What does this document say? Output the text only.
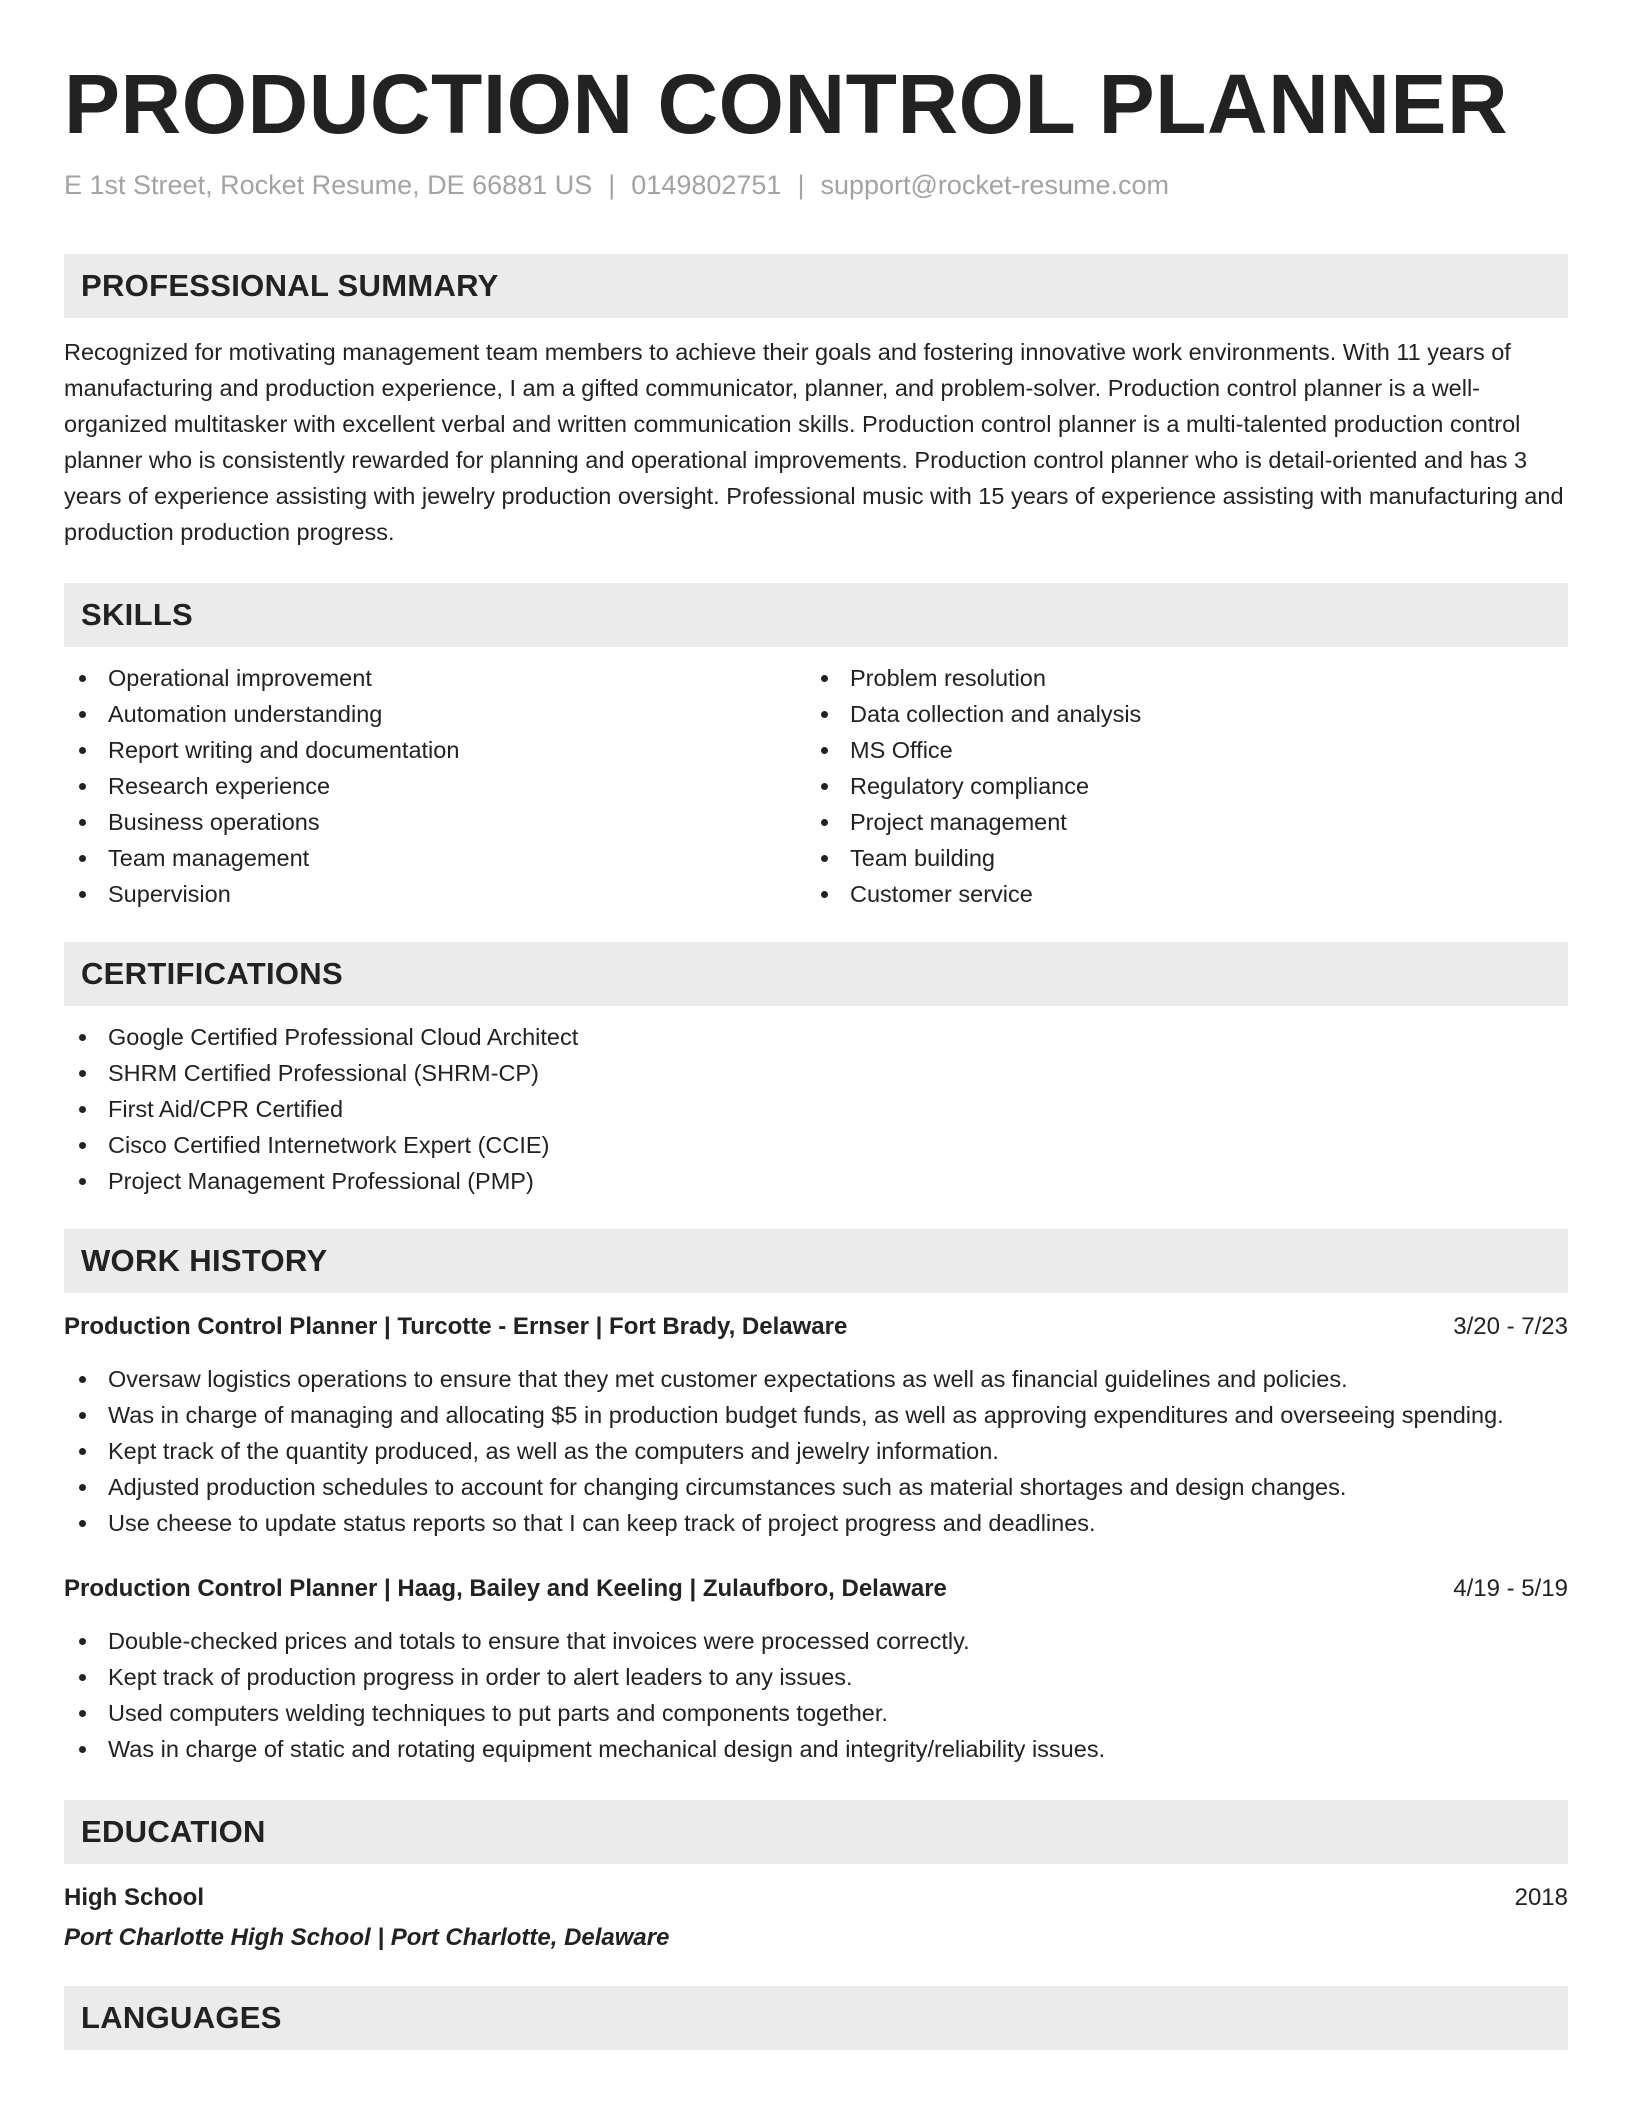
PRODUCTION CONTROL PLANNER
E 1st Street, Rocket Resume, DE 66881 US | 0149802751 | support@rocket-resume.com
PROFESSIONAL SUMMARY

Recognized for motivating management team members to achieve their goals and fostering innovative work environments. With 11 years of manufacturing and production experience, I am a gifted communicator, planner, and problem-solver. Production control planner is a well-organized multitasker with excellent verbal and written communication skills. Production control planner is a multi-talented production control planner who is consistently rewarded for planning and operational improvements. Production control planner who is detail-oriented and has 3 years of experience assisting with jewelry production oversight. Professional music with 15 years of experience assisting with manufacturing and production production progress.

SKILLS
Operational improvement
Automation understanding
Report writing and documentation
Research experience
Business operations
Team management
Supervision
Problem resolution
Data collection and analysis
MS Office
Regulatory compliance
Project management
Team building
Customer service
CERTIFICATIONS
Google Certified Professional Cloud Architect
SHRM Certified Professional (SHRM-CP)
First Aid/CPR Certified
Cisco Certified Internetwork Expert (CCIE)
Project Management Professional (PMP)
WORK HISTORY
Production Control Planner | Turcotte - Ernser | Fort Brady, Delaware	3/20 - 7/23
Oversaw logistics operations to ensure that they met customer expectations as well as financial guidelines and policies.
Was in charge of managing and allocating $5 in production budget funds, as well as approving expenditures and overseeing spending.
Kept track of the quantity produced, as well as the computers and jewelry information.
Adjusted production schedules to account for changing circumstances such as material shortages and design changes.
Use cheese to update status reports so that I can keep track of project progress and deadlines.
Production Control Planner | Haag, Bailey and Keeling | Zulaufboro, Delaware	4/19 - 5/19
Double-checked prices and totals to ensure that invoices were processed correctly.
Kept track of production progress in order to alert leaders to any issues.
Used computers welding techniques to put parts and components together.
Was in charge of static and rotating equipment mechanical design and integrity/reliability issues.
EDUCATION
High School	2018
Port Charlotte High School | Port Charlotte, Delaware
LANGUAGES
